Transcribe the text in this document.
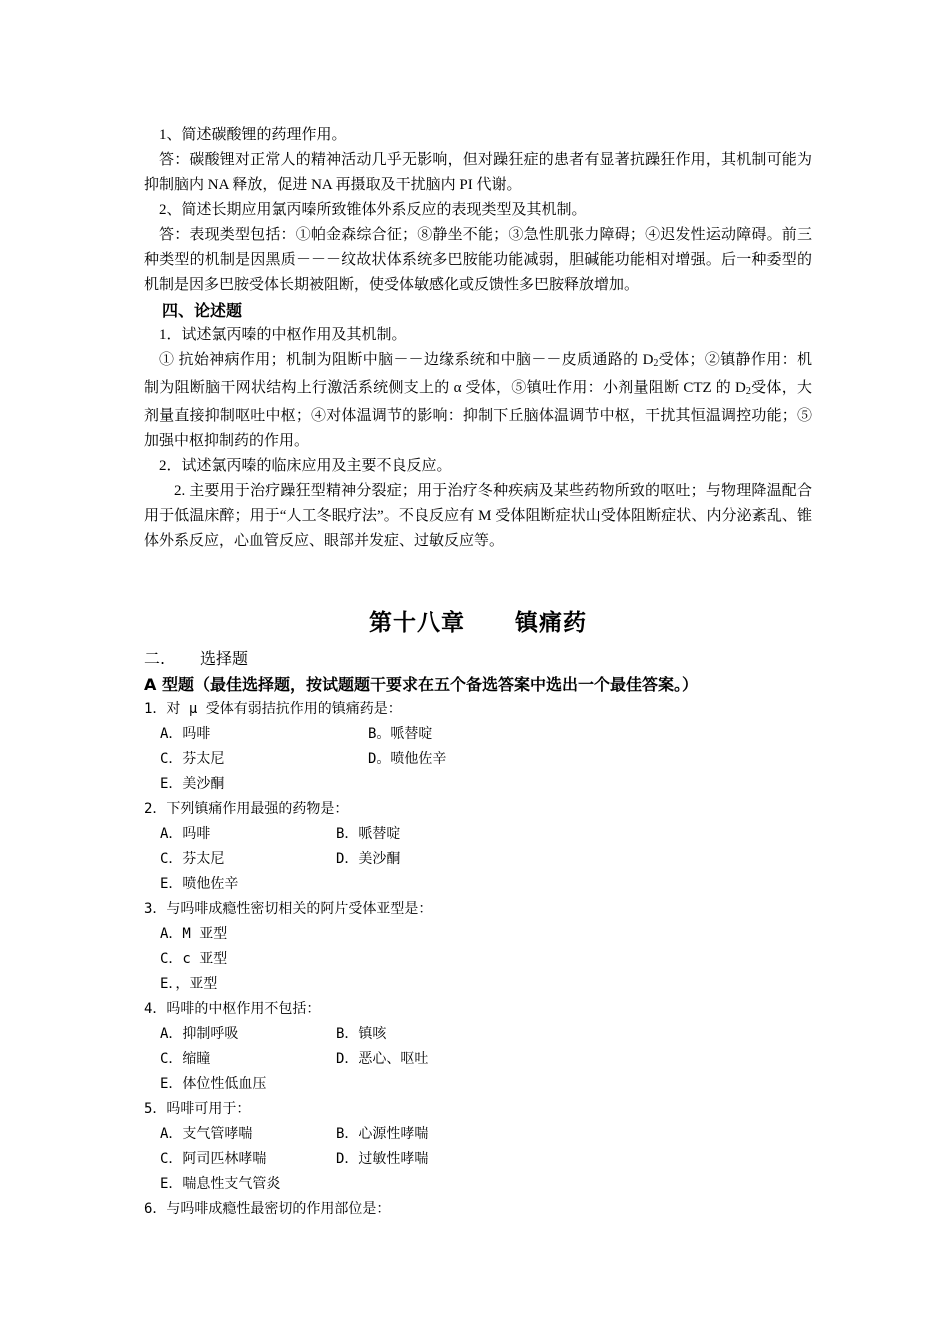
1、简述碳酸锂的药理作用。

答：碳酸锂对正常人的精神活动几乎无影响，但对躁狂症的患者有显著抗躁狂作用，其机制可能为抑制脑内 NA 释放，促进 NA 再摄取及干扰脑内 PI 代谢。

2、简述长期应用氯丙嗪所致锥体外系反应的表现类型及其机制。

答：表现类型包括：①帕金森综合征；⑧静坐不能；③急性肌张力障碍；④迟发性运动障碍。前三种类型的机制是因黑质－－－纹故状体系统多巴胺能功能减弱，胆碱能功能相对增强。后一种委型的机制是因多巴胺受体长期被阻断，使受体敏感化或反馈性多巴胺释放增加。

四、论述题

1．试述氯丙嗪的中枢作用及其机制。

① 抗始神病作用；机制为阻断中脑－－边缘系统和中脑－－皮质通路的 $D_2$受体；②镇静作用：机制为阻断脑干网状结构上行激活系统侧支上的 α 受体，⑤镇吐作用：小剂量阻断 CTZ 的 $D_2$受体，大剂量直接抑制呕吐中枢；④对体温调节的影响：抑制下丘脑体温调节中枢，干扰其恒温调控功能；⑤加强中枢抑制药的作用。

2．试述氯丙嗪的临床应用及主要不良反应。

2. 主要用于治疗躁狂型精神分裂症；用于治疗冬种疾病及某些药物所致的呕吐；与物理降温配合用于低温床醉；用于“人工冬眠疗法”。不良反应有 M 受体阻断症状山受体阻断症状、内分泌紊乱、锥体外系反应，心血管反应、眼部并发症、过敏反应等。

第十八章 镇痛药

二. 选择题

A 型题（最佳选择题，按试题题干要求在五个备选答案中选出一个最佳答案。）

1．对 μ 受体有弱拮抗作用的镇痛药是：

A．吗啡	B。哌替啶
C．芬太尼	D。喷他佐辛
E．美沙酮

2．下列镇痛作用最强的药物是：

A．吗啡	B．哌替啶
C．芬太尼	D．美沙酮
E．喷他佐辛

3．与吗啡成瘾性密切相关的阿片受体亚型是：

A．M 亚型
C．c 亚型
E．，亚型

4．吗啡的中枢作用不包括：

A．抑制呼吸	B．镇咳
C．缩瞳	D．恶心、呕吐
E．体位性低血压

5．吗啡可用于：

A．支气管哮喘	B．心源性哮喘
C．阿司匹林哮喘	D．过敏性哮喘
E．喘息性支气管炎

6．与吗啡成瘾性最密切的作用部位是：
